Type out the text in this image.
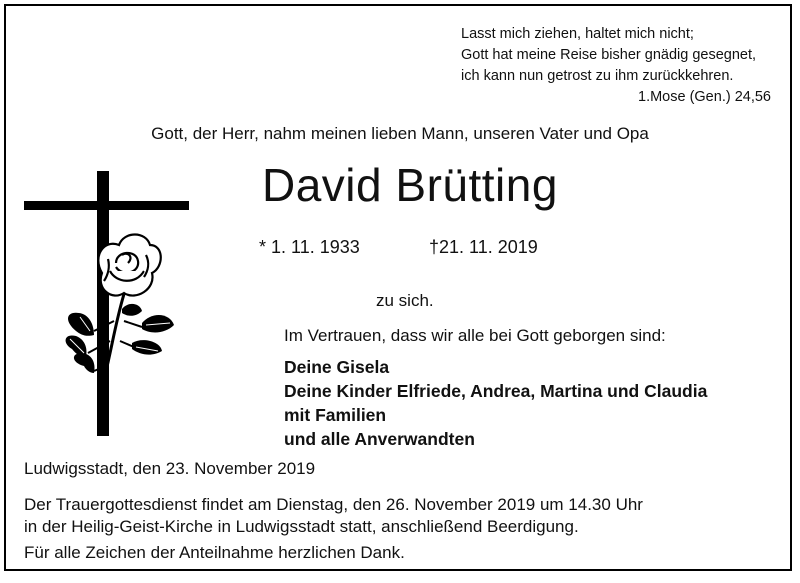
Lasst mich ziehen, haltet mich nicht;
Gott hat meine Reise bisher gnädig gesegnet,
ich kann nun getrost zu ihm zurückkehren.
1.Mose (Gen.) 24,56
Gott, der Herr, nahm meinen lieben Mann, unseren Vater und Opa
David Brütting
* 1. 11. 1933	†21. 11. 2019
zu sich.
Im Vertrauen, dass wir alle bei Gott geborgen sind:
Deine Gisela
Deine Kinder Elfriede, Andrea, Martina und Claudia
mit Familien
und alle Anverwandten
Ludwigsstadt, den 23. November 2019
Der Trauergottesdienst findet am Dienstag, den 26. November 2019 um 14.30 Uhr
in der Heilig-Geist-Kirche in Ludwigsstadt statt, anschließend Beerdigung.
Für alle Zeichen der Anteilnahme herzlichen Dank.
